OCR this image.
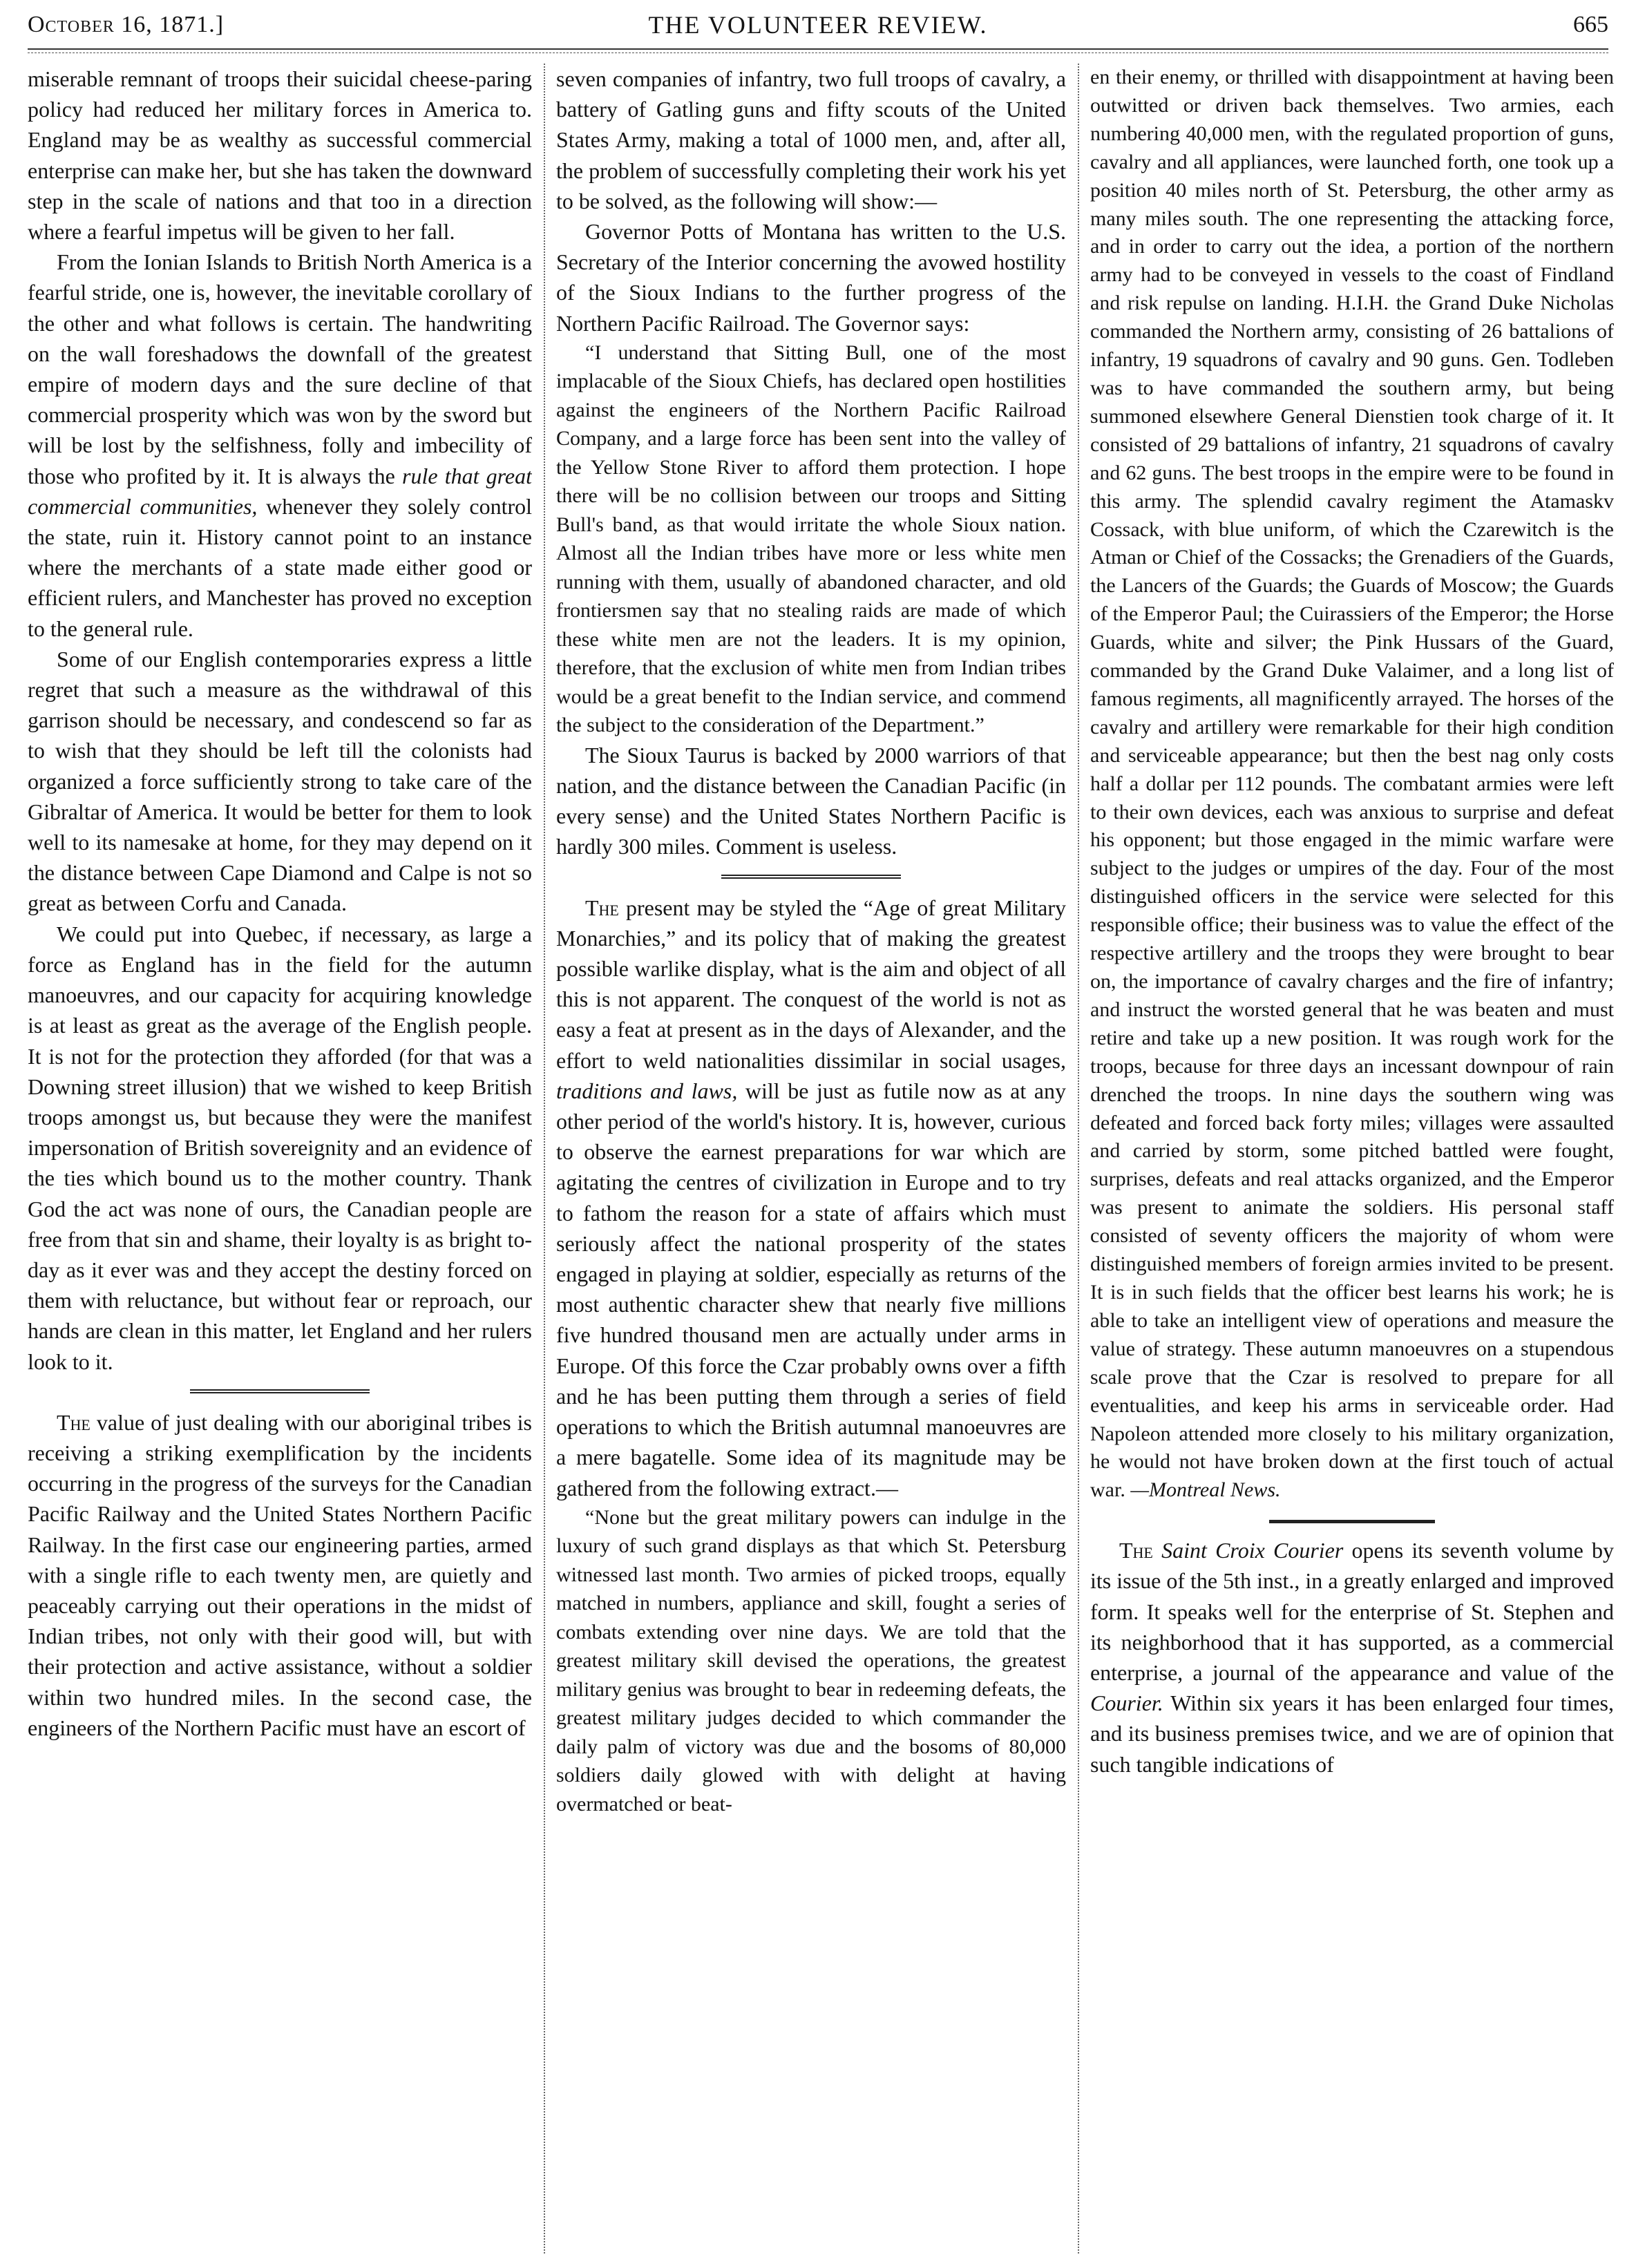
THE VOLUNTEER REVIEW.
October 16, 1871.]	665

miserable remnant of troops their suicidal cheese-paring policy had reduced her military forces in America to. England may be as wealthy as successful commercial enterprise can make her, but she has taken the downward step in the scale of nations and that too in a direction where a fearful impetus will be given to her fall.

From the Ionian Islands to British North America is a fearful stride, one is, however, the inevitable corollary of the other and what follows is certain. The handwriting on the wall foreshadows the downfall of the greatest empire of modern days and the sure decline of that commercial prosperity which was won by the sword but will be lost by the selfishness, folly and imbecility of those who profited by it. It is always the rule that great commercial communities, whenever they solely control the state, ruin it. History cannot point to an instance where the merchants of a state made either good or efficient rulers, and Manchester has proved no exception to the general rule.

Some of our English contemporaries express a little regret that such a measure as the withdrawal of this garrison should be necessary, and condescend so far as to wish that they should be left till the colonists had organized a force sufficiently strong to take care of the Gibraltar of America. It would be better for them to look well to its namesake at home, for they may depend on it the distance between Cape Diamond and Calpe is not so great as between Corfu and Canada.

We could put into Quebec, if necessary, as large a force as England has in the field for the autumn manoeuvres, and our capacity for acquiring knowledge is at least as great as the average of the English people. It is not for the protection they afforded (for that was a Downing street illusion) that we wished to keep British troops amongst us, but because they were the manifest impersonation of British sovereignity and an evidence of the ties which bound us to the mother country. Thank God the act was none of ours, the Canadian people are free from that sin and shame, their loyalty is as bright to-day as it ever was and they accept the destiny forced on them with reluctance, but without fear or reproach, our hands are clean in this matter, let England and her rulers look to it.

The value of just dealing with our aboriginal tribes is receiving a striking exemplification by the incidents occurring in the progress of the surveys for the Canadian Pacific Railway and the United States Northern Pacific Railway. In the first case our engineering parties, armed with a single rifle to each twenty men, are quietly and peaceably carrying out their operations in the midst of Indian tribes, not only with their good will, but with their protection and active assistance, without a soldier within two hundred miles. In the second case, the engineers of the Northern Pacific must have an escort of

seven companies of infantry, two full troops of cavalry, a battery of Gatling guns and fifty scouts of the United States Army, making a total of 1000 men, and, after all, the problem of successfully completing their work his yet to be solved, as the following will show:—

Governor Potts of Montana has written to the U.S. Secretary of the Interior concerning the avowed hostility of the Sioux Indians to the further progress of the Northern Pacific Railroad. The Governor says:

“I understand that Sitting Bull, one of the most implacable of the Sioux Chiefs, has declared open hostilities against the engineers of the Northern Pacific Railroad Company, and a large force has been sent into the valley of the Yellow Stone River to afford them protection. I hope there will be no collision between our troops and Sitting Bull's band, as that would irritate the whole Sioux nation. Almost all the Indian tribes have more or less white men running with them, usually of abandoned character, and old frontiersmen say that no stealing raids are made of which these white men are not the leaders. It is my opinion, therefore, that the exclusion of white men from Indian tribes would be a great benefit to the Indian service, and commend the subject to the consideration of the Department.”

The Sioux Taurus is backed by 2000 warriors of that nation, and the distance between the Canadian Pacific (in every sense) and the United States Northern Pacific is hardly 300 miles. Comment is useless.

The present may be styled the “Age of great Military Monarchies,” and its policy that of making the greatest possible warlike display, what is the aim and object of all this is not apparent. The conquest of the world is not as easy a feat at present as in the days of Alexander, and the effort to weld nationalities dissimilar in social usages, traditions and laws, will be just as futile now as at any other period of the world's history. It is, however, curious to observe the earnest preparations for war which are agitating the centres of civilization in Europe and to try to fathom the reason for a state of affairs which must seriously affect the national prosperity of the states engaged in playing at soldier, especially as returns of the most authentic character shew that nearly five millions five hundred thousand men are actually under arms in Europe. Of this force the Czar probably owns over a fifth and he has been putting them through a series of field operations to which the British autumnal manoeuvres are a mere bagatelle. Some idea of its magnitude may be gathered from the following extract.—

“None but the great military powers can indulge in the luxury of such grand displays as that which St. Petersburg witnessed last month. Two armies of picked troops, equally matched in numbers, appliance and skill, fought a series of combats extending over nine days. We are told that the greatest military skill devised the operations, the greatest military genius was brought to bear in redeeming defeats, the greatest military judges decided to which commander the daily palm of victory was due and the bosoms of 80,000 soldiers daily glowed with with delight at having overmatched or beat-

en their enemy, or thrilled with disappointment at having been outwitted or driven back themselves. Two armies, each numbering 40,000 men, with the regulated proportion of guns, cavalry and all appliances, were launched forth, one took up a position 40 miles north of St. Petersburg, the other army as many miles south. The one representing the attacking force, and in order to carry out the idea, a portion of the northern army had to be conveyed in vessels to the coast of Findland and risk repulse on landing. H.I.H. the Grand Duke Nicholas commanded the Northern army, consisting of 26 battalions of infantry, 19 squadrons of cavalry and 90 guns. Gen. Todleben was to have commanded the southern army, but being summoned elsewhere General Dienstien took charge of it. It consisted of 29 battalions of infantry, 21 squadrons of cavalry and 62 guns. The best troops in the empire were to be found in this army. The splendid cavalry regiment the Atamaskv Cossack, with blue uniform, of which the Czarewitch is the Atman or Chief of the Cossacks; the Grenadiers of the Guards, the Lancers of the Guards; the Guards of Moscow; the Guards of the Emperor Paul; the Cuirassiers of the Emperor; the Horse Guards, white and silver; the Pink Hussars of the Guard, commanded by the Grand Duke Valaimer, and a long list of famous regiments, all magnificently arrayed. The horses of the cavalry and artillery were remarkable for their high condition and serviceable appearance; but then the best nag only costs half a dollar per 112 pounds. The combatant armies were left to their own devices, each was anxious to surprise and defeat his opponent; but those engaged in the mimic warfare were subject to the judges or umpires of the day. Four of the most distinguished officers in the service were selected for this responsible office; their business was to value the effect of the respective artillery and the troops they were brought to bear on, the importance of cavalry charges and the fire of infantry; and instruct the worsted general that he was beaten and must retire and take up a new position. It was rough work for the troops, because for three days an incessant downpour of rain drenched the troops. In nine days the southern wing was defeated and forced back forty miles; villages were assaulted and carried by storm, some pitched battled were fought, surprises, defeats and real attacks organized, and the Emperor was present to animate the soldiers. His personal staff consisted of seventy officers the majority of whom were distinguished members of foreign armies invited to be present. It is in such fields that the officer best learns his work; he is able to take an intelligent view of operations and measure the value of strategy. These autumn manoeuvres on a stupendous scale prove that the Czar is resolved to prepare for all eventualities, and keep his arms in serviceable order. Had Napoleon attended more closely to his military organization, he would not have broken down at the first touch of actual war. —Montreal News.

The Saint Croix Courier opens its seventh volume by its issue of the 5th inst., in a greatly enlarged and improved form. It speaks well for the enterprise of St. Stephen and its neighborhood that it has supported, as a commercial enterprise, a journal of the appearance and value of the Courier. Within six years it has been enlarged four times, and its business premises twice, and we are of opinion that such tangible indications of
